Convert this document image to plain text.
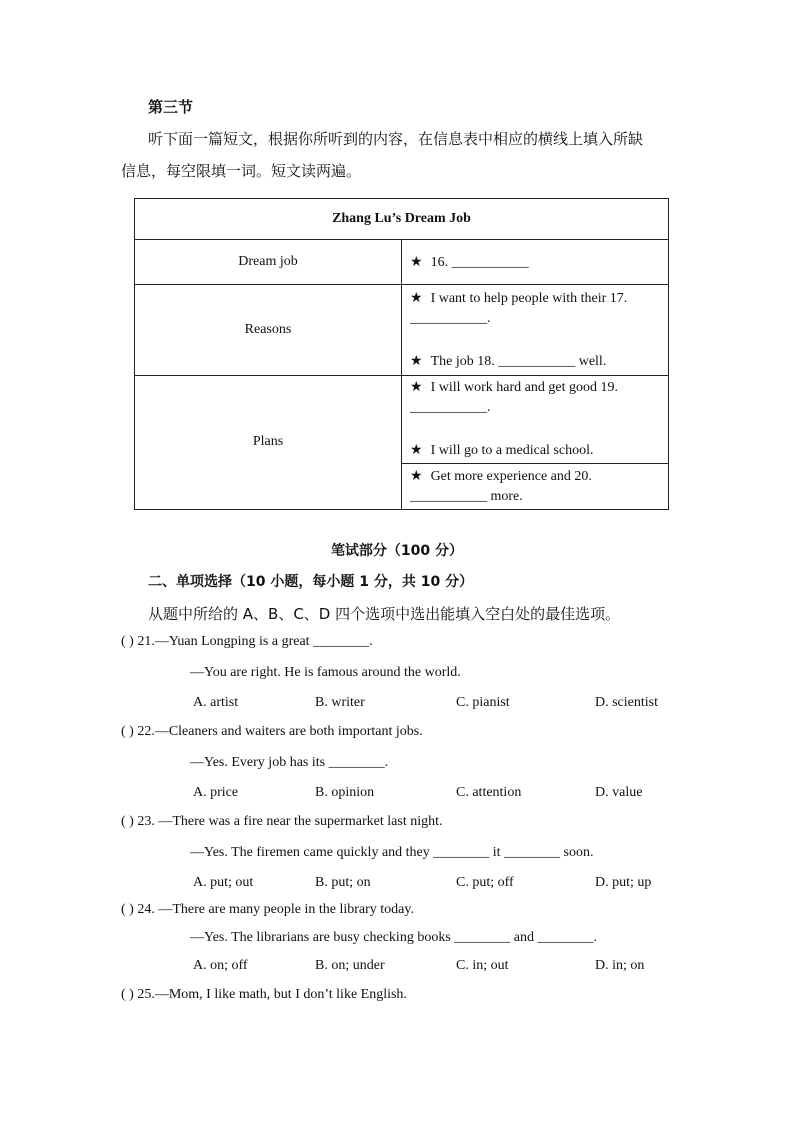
第三节
听下面一篇短文，根据你所听到的内容，在信息表中相应的横线上填入所缺
信息，每空限填一词。短文读两遍。
Zhang Lu’s Dream Job	
Dream job	★ 16. ___________

Reasons	★ I want to help people with their 17. ___________.
★ The job 18. ___________ well.

Plans	★ I will work hard and get good 19. ___________.
★ I will go to a medical school.

	★ Get more experience and 20. ___________ more.
笔试部分（100 分）
二、单项选择（10 小题，每小题 1 分，共 10 分）
从题中所给的 A、B、C、D 四个选项中选出能填入空白处的最佳选项。
( ) 21.—Yuan Longping is a great ________.
—You are right. He is famous around the world.
A. artist	B. writer	C. pianist	D. scientist
( ) 22.—Cleaners and waiters are both important jobs.
—Yes. Every job has its ________.
A. price	B. opinion	C. attention	D. value
( ) 23. —There was a fire near the supermarket last night.
—Yes. The firemen came quickly and they ________ it ________ soon.
A. put; out	B. put; on	C. put; off	D. put; up
( ) 24. —There are many people in the library today.
—Yes. The librarians are busy checking books ________ and ________.
A. on; off	B. on; under	C. in; out	D. in; on
( ) 25.—Mom, I like math, but I don’t like English.
